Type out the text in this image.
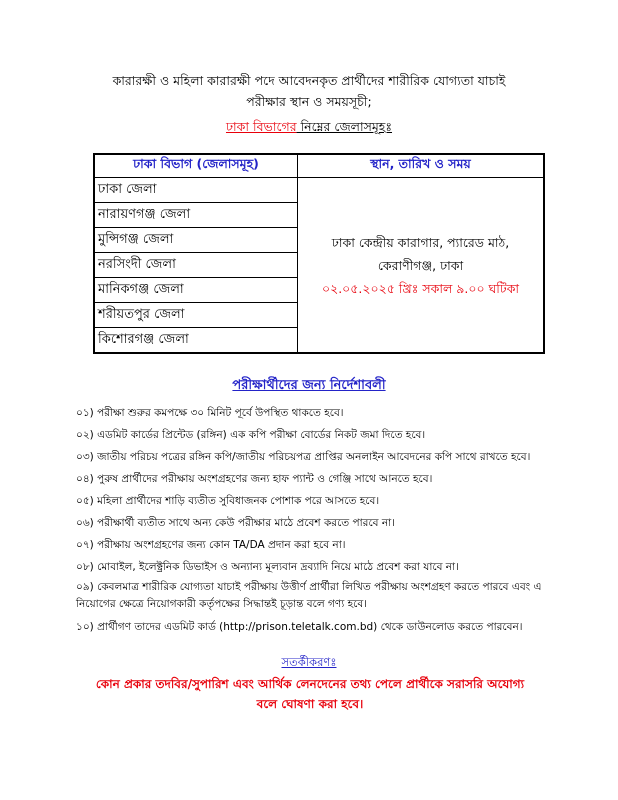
কারারক্ষী ও মহিলা কারারক্ষী পদে আবেদনকৃত প্রার্থীদের শারীরিক যোগ্যতা যাচাই
পরীক্ষার স্থান ও সময়সূচী;
ঢাকা বিভাগের নিম্নের জেলাসমূহঃ
ঢাকা বিভাগ (জেলাসমূহ)	স্থান, তারিখ ও সময়
ঢাকা জেলা	ঢাকা কেন্দ্রীয় কারাগার, প্যারেড মাঠ,
কেরাণীগঞ্জ, ঢাকা
০২.০৫.২০২৫ খ্রিঃ সকাল ৯.০০ ঘটিকা

নারায়ণগঞ্জ জেলা	
মুন্সিগঞ্জ জেলা	
নরসিংদী জেলা	
মানিকগঞ্জ জেলা	
শরীয়তপুর জেলা	
কিশোরগঞ্জ জেলা	
পরীক্ষার্থীদের জন্য নির্দেশাবলী
০১) পরীক্ষা শুরুর কমপক্ষে ৩০ মিনিট পূর্বে উপস্থিত থাকতে হবে।
০২) এডমিট কার্ডের প্রিন্টেড (রঙ্গিন) এক কপি পরীক্ষা বোর্ডের নিকট জমা দিতে হবে।
০৩) জাতীয় পরিচয় পত্রের রঙ্গিন কপি/জাতীয় পরিচয়পত্র প্রাপ্তির অনলাইন আবেদনের কপি সাথে রাখতে হবে।
০৪) পুরুষ প্রার্থীদের পরীক্ষায় অংশগ্রহণের জন্য হাফ প্যান্ট ও গেঞ্জি সাথে আনতে হবে।
০৫) মহিলা প্রার্থীদের শাড়ি ব্যতীত সুবিধাজনক পোশাক পরে আসতে হবে।
০৬) পরীক্ষার্থী ব্যতীত সাথে অন্য কেউ পরীক্ষার মাঠে প্রবেশ করতে পারবে না।
০৭) পরীক্ষায় অংশগ্রহণের জন্য কোন TA/DA প্রদান করা হবে না।
০৮) মোবাইল, ইলেক্ট্রনিক ডিভাইস ও অন্যান্য মূল্যবান দ্রব্যাদি নিয়ে মাঠে প্রবেশ করা যাবে না।
০৯) কেবলমাত্র শারীরিক যোগ্যতা যাচাই পরীক্ষায় উত্তীর্ণ প্রার্থীরা লিখিত পরীক্ষায় অংশগ্রহণ করতে পারবে এবং এ নিয়োগের ক্ষেত্রে নিয়োগকারী কর্তৃপক্ষের সিদ্ধান্তই চূড়ান্ত বলে গণ্য হবে।
১০) প্রার্থীগণ তাদের এডমিট কার্ড (http://prison.teletalk.com.bd) থেকে ডাউনলোড করতে পারবেন।
সতর্কীকরণঃ
কোন প্রকার তদবির/সুপারিশ এবং আর্থিক লেনদেনের তথ্য পেলে প্রার্থীকে সরাসরি অযোগ্য বলে ঘোষণা করা হবে।
